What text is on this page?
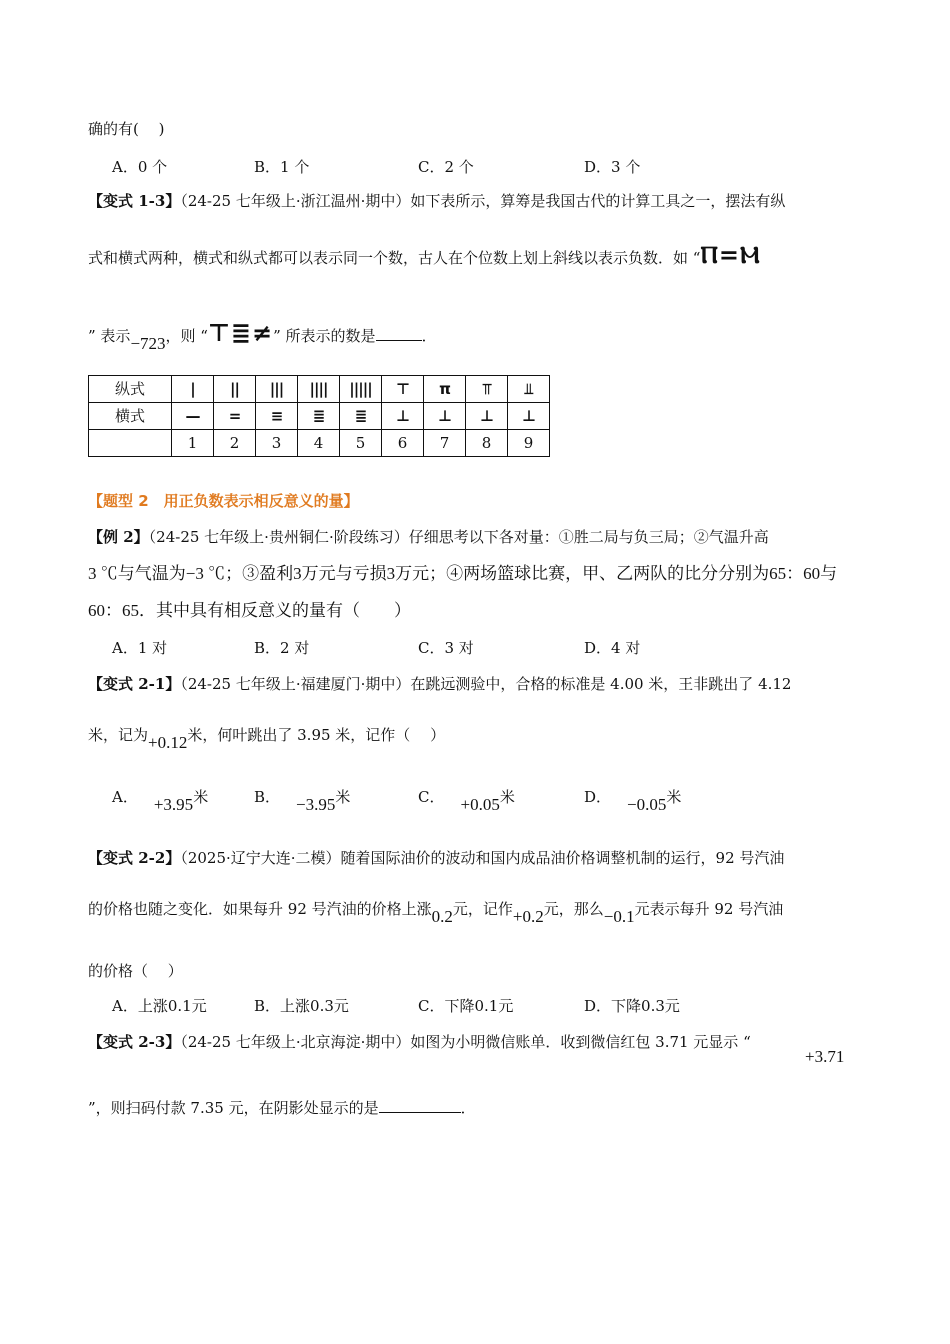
确的有(　 )
A．0 个	B．1 个	C．2 个	D．3 个
【变式 1-3】（24-25 七年级上·浙江温州·期中）如下表所示，算筹是我国古代的计算工具之一，摆法有纵
式和横式两种，横式和纵式都可以表示同一个数，古人在个位数上划上斜线以表示负数．如 “Ⲡ=Ⲙ
” 表示−723，则 “⊤≣≠” 所表示的数是	．
纵式	|	||	|||	||||	|||||	⊤	π	⫪	⫫
横式	—	=	≡	≣	≣	⊥	⊥	⊥	⊥
	1	2	3	4	5	6	7	8	9
【题型 2　用正负数表示相反意义的量】
【例 2】（24-25 七年级上·贵州铜仁·阶段练习）仔细思考以下各对量：①胜二局与负三局；②气温升高
3 ℃与气温为−3 ℃；③盈利3万元与亏损3万元；④两场篮球比赛，甲、乙两队的比分分别为65：60与
60：65．其中具有相反意义的量有（　　）
A．1 对	B．2 对	C．3 对	D．4 对
【变式 2-1】（24-25 七年级上·福建厦门·期中）在跳远测验中，合格的标准是 4.00 米，王非跳出了 4.12
米，记为+0.12米，何叶跳出了 3.95 米，记作（　 ）
A． +3.95米	B． −3.95米	C． +0.05米	D． −0.05米
【变式 2-2】（2025·辽宁大连·二模）随着国际油价的波动和国内成品油价格调整机制的运行，92 号汽油
的价格也随之变化．如果每升 92 号汽油的价格上涨0.2元，记作+0.2元，那么−0.1元表示每升 92 号汽油
的价格（　 ）
A．上涨0.1元	B．上涨0.3元	C．下降0.1元	D．下降0.3元
【变式 2-3】（24-25 七年级上·北京海淀·期中）如图为小明微信账单．收到微信红包 3.71 元显示 “
+3.71
”，则扫码付款 7.35 元，在阴影处显示的是	．
